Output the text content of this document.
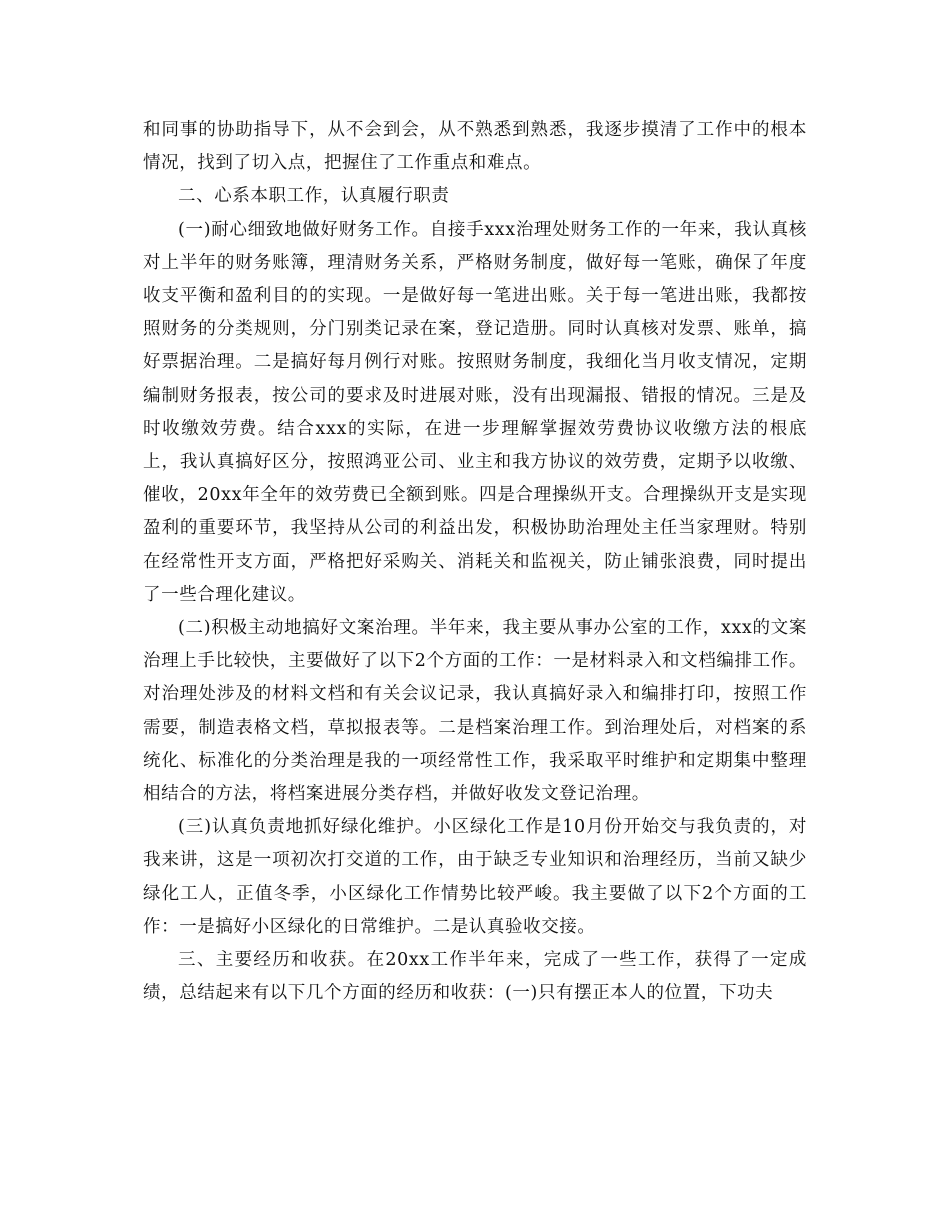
和同事的协助指导下，从不会到会，从不熟悉到熟悉，我逐步摸清了工作中的根本情况，找到了切入点，把握住了工作重点和难点。

二、心系本职工作，认真履行职责

(一)耐心细致地做好财务工作。自接手xxx治理处财务工作的一年来，我认真核对上半年的财务账簿，理清财务关系，严格财务制度，做好每一笔账，确保了年度收支平衡和盈利目的的实现。一是做好每一笔进出账。关于每一笔进出账，我都按照财务的分类规则，分门别类记录在案，登记造册。同时认真核对发票、账单，搞好票据治理。二是搞好每月例行对账。按照财务制度，我细化当月收支情况，定期编制财务报表，按公司的要求及时进展对账，没有出现漏报、错报的情况。三是及时收缴效劳费。结合xxx的实际，在进一步理解掌握效劳费协议收缴方法的根底上，我认真搞好区分，按照鸿亚公司、业主和我方协议的效劳费，定期予以收缴、催收，20xx年全年的效劳费已全额到账。四是合理操纵开支。合理操纵开支是实现盈利的重要环节，我坚持从公司的利益出发，积极协助治理处主任当家理财。特别在经常性开支方面，严格把好采购关、消耗关和监视关，防止铺张浪费，同时提出了一些合理化建议。

(二)积极主动地搞好文案治理。半年来，我主要从事办公室的工作，xxx的文案治理上手比较快，主要做好了以下2个方面的工作：一是材料录入和文档编排工作。对治理处涉及的材料文档和有关会议记录，我认真搞好录入和编排打印，按照工作需要，制造表格文档，草拟报表等。二是档案治理工作。到治理处后，对档案的系统化、标准化的分类治理是我的一项经常性工作，我采取平时维护和定期集中整理相结合的方法，将档案进展分类存档，并做好收发文登记治理。

(三)认真负责地抓好绿化维护。小区绿化工作是10月份开始交与我负责的，对我来讲，这是一项初次打交道的工作，由于缺乏专业知识和治理经历，当前又缺少绿化工人，正值冬季，小区绿化工作情势比较严峻。我主要做了以下2个方面的工作：一是搞好小区绿化的日常维护。二是认真验收交接。

三、主要经历和收获。在20xx工作半年来，完成了一些工作，获得了一定成绩，总结起来有以下几个方面的经历和收获：(一)只有摆正本人的位置，下功夫
